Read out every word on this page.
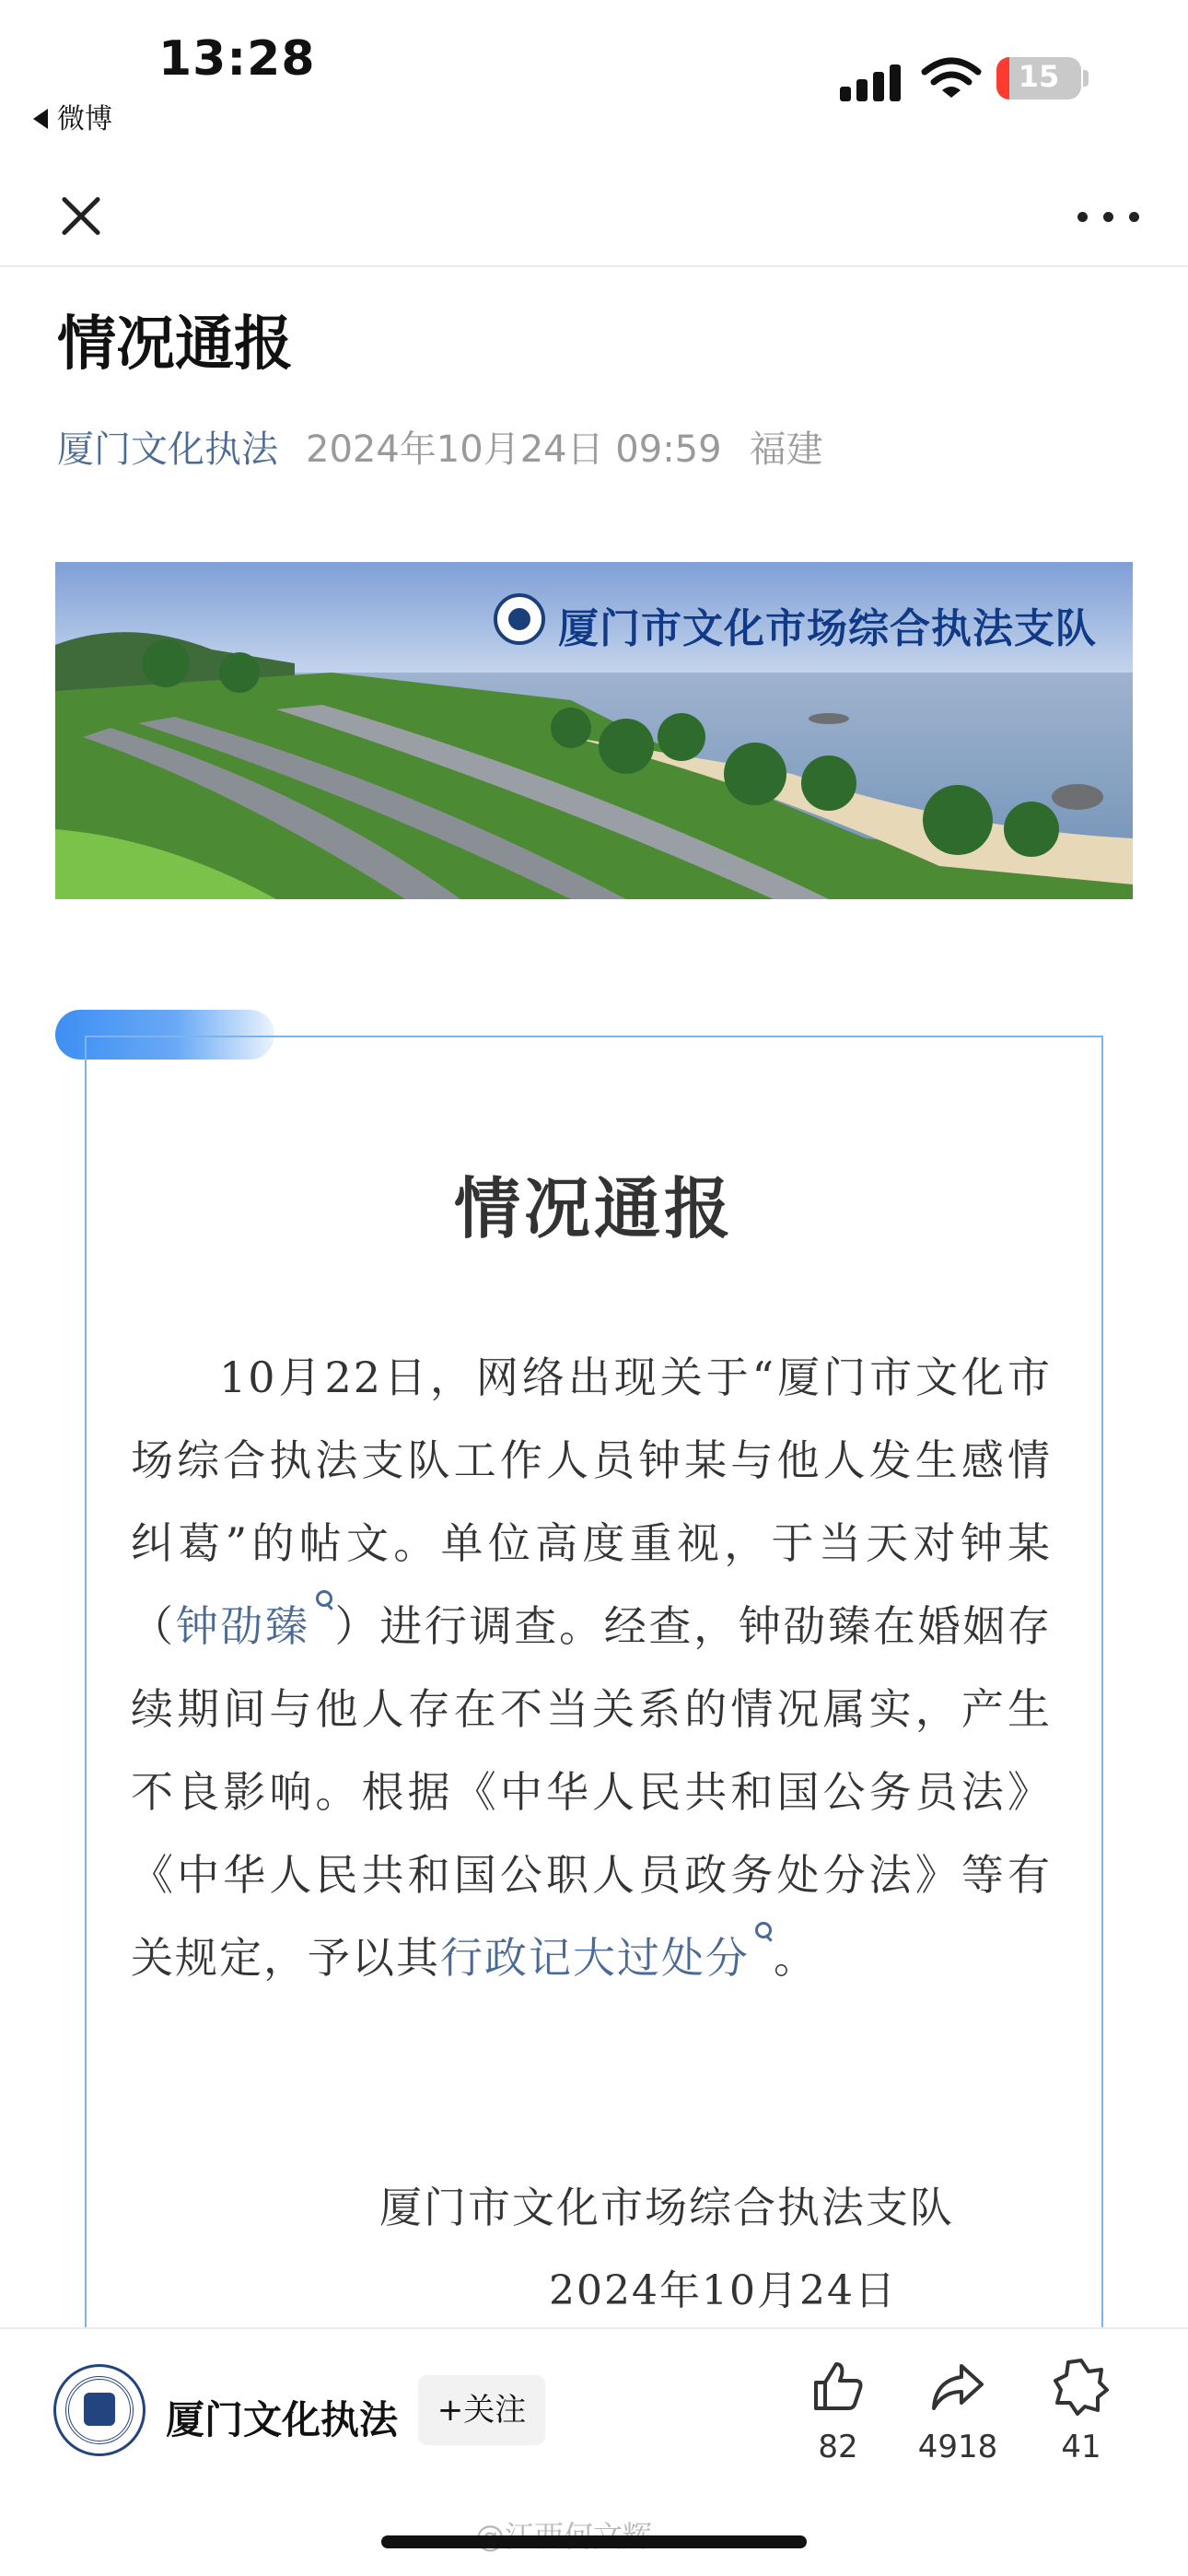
13:28
微博
15
情况通报
厦门文化执法 2024年10月24日 09:59 福建
厦门市文化市场综合执法支队
情况通报
10月22日，网络出现关于“厦门市文化市场综合执法支队工作人员钟某与他人发生感情纠葛”的帖文。单位高度重视，于当天对钟某（钟劭臻 ）进行调查。经查，钟劭臻在婚姻存续期间与他人存在不当关系的情况属实，产生不良影响。根据《中华人民共和国公务员法》《中华人民共和国公职人员政务处分法》等有关规定，予以其行政记大过处分 。
厦门市文化市场综合执法支队
2024年10月24日
厦门文化执法	+关注
82	4918	41
